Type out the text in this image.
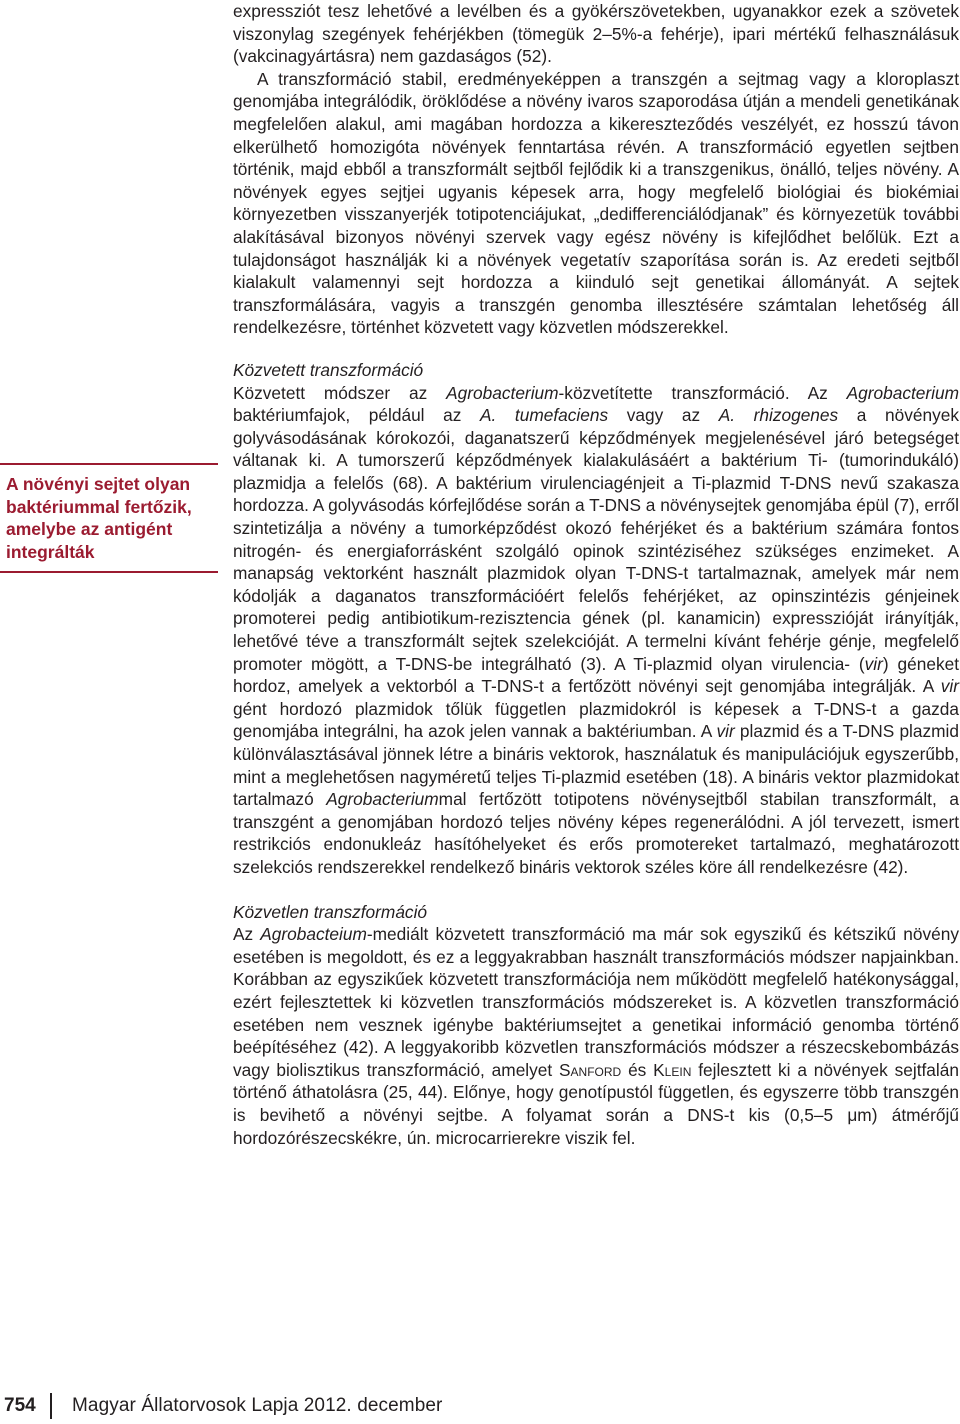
expressziót tesz lehetővé a levélben és a gyökérszövetekben, ugyanakkor ezek a szövetek viszonylag szegények fehérjékben (tömegük 2–5%-a fehérje), ipari mértékű felhasználásuk (vakcinagyártásra) nem gazdaságos (52).

A transzformáció stabil, eredményeképpen a transzgén a sejtmag vagy a kloroplaszt genomjába integrálódik, öröklődése a növény ivaros szaporodása útján a mendeli genetikának megfelelően alakul, ami magában hordozza a kikereszteződés veszélyét, ez hosszú távon elkerülhető homozigóta növények fenntartása révén. A transzformáció egyetlen sejtben történik, majd ebből a transzformált sejtből fejlődik ki a transzgenikus, önálló, teljes növény. A növények egyes sejtjei ugyanis képesek arra, hogy megfelelő biológiai és biokémiai környezetben visszanyerjék totipotenciájukat, „dedifferenciálódjanak” és környezetük további alakításával bizonyos növényi szervek vagy egész növény is kifejlődhet belőlük. Ezt a tulajdonságot használják ki a növények vegetatív szaporítása során is. Az eredeti sejtből kialakult valamennyi sejt hordozza a kiinduló sejt genetikai állományát. A sejtek transzformálására, vagyis a transzgén genomba illesztésére számtalan lehetőség áll rendelkezésre, történhet közvetett vagy közvetlen módszerekkel.

Közvetett transzformáció

Közvetett módszer az Agrobacterium-közvetítette transzformáció. Az Agrobacterium baktériumfajok, például az A. tumefaciens vagy az A. rhizogenes a növények golyvásodásának kórokozói, daganatszerű képződmények megjelenésével járó betegséget váltanak ki. A tumorszerű képződmények kialakulásáért a baktérium Ti- (tumorindukáló) plazmidja a felelős (68). A baktérium virulenciagénjeit a Ti-plazmid T-DNS nevű szakasza hordozza. A golyvásodás kórfejlődése során a T-DNS a növénysejtek genomjába épül (7), erről szintetizálja a növény a tumorképződést okozó fehérjéket és a baktérium számára fontos nitrogén- és energiaforrásként szolgáló opinok szintéziséhez szükséges enzimeket. A manapság vektorként használt plazmidok olyan T-DNS-t tartalmaznak, amelyek már nem kódolják a daganatos transzformációért felelős fehérjéket, az opinszintézis génjeinek promoterei pedig antibiotikum-rezisztencia gének (pl. kanamicin) expresszióját irányítják, lehetővé téve a transzformált sejtek szelekcióját. A termelni kívánt fehérje génje, megfelelő promoter mögött, a T-DNS-be integrálható (3). A Ti-plazmid olyan virulencia- (vir) géneket hordoz, amelyek a vektorból a T-DNS-t a fertőzött növényi sejt genomjába integrálják. A vir gént hordozó plazmidok tőlük független plazmidokról is képesek a T-DNS-t a gazda genomjába integrálni, ha azok jelen vannak a baktériumban. A vir plazmid és a T-DNS plazmid különválasztásával jönnek létre a bináris vektorok, használatuk és manipulációjuk egyszerűbb, mint a meglehetősen nagyméretű teljes Ti-plazmid esetében (18). A bináris vektor plazmidokat tartalmazó Agrobacteriummal fertőzött totipotens növénysejtből stabilan transzformált, a transzgént a genomjában hordozó teljes növény képes regenerálódni. A jól tervezett, ismert restrikciós endonukleáz hasítóhelyeket és erős promotereket tartalmazó, meghatározott szelekciós rendszerekkel rendelkező bináris vektorok széles köre áll rendelkezésre (42).

Közvetlen transzformáció

Az Agrobacteium-mediált közvetett transzformáció ma már sok egyszikű és kétszikű növény esetében is megoldott, és ez a leggyakrabban használt transzformációs módszer napjainkban. Korábban az egyszikűek közvetett transzformációja nem működött megfelelő hatékonysággal, ezért fejlesztettek ki közvetlen transzformációs módszereket is. A közvetlen transzformáció esetében nem vesznek igénybe baktériumsejtet a genetikai információ genomba történő beépítéséhez (42). A leggyakoribb közvetlen transzformációs módszer a részecskebombázás vagy biolisztikus transzformáció, amelyet Sanford és Klein fejlesztett ki a növények sejtfalán történő áthatolásra (25, 44). Előnye, hogy genotípustól független, és egyszerre több transzgén is bevihető a növényi sejtbe. A folyamat során a DNS-t kis (0,5–5 μm) átmérőjű hordozórészecskékre, ún. microcarrierekre viszik fel.

A növényi sejtet olyan baktériummal fertőzik, amelybe az antigént integrálták

754	Magyar Állatorvosok Lapja 2012. december
